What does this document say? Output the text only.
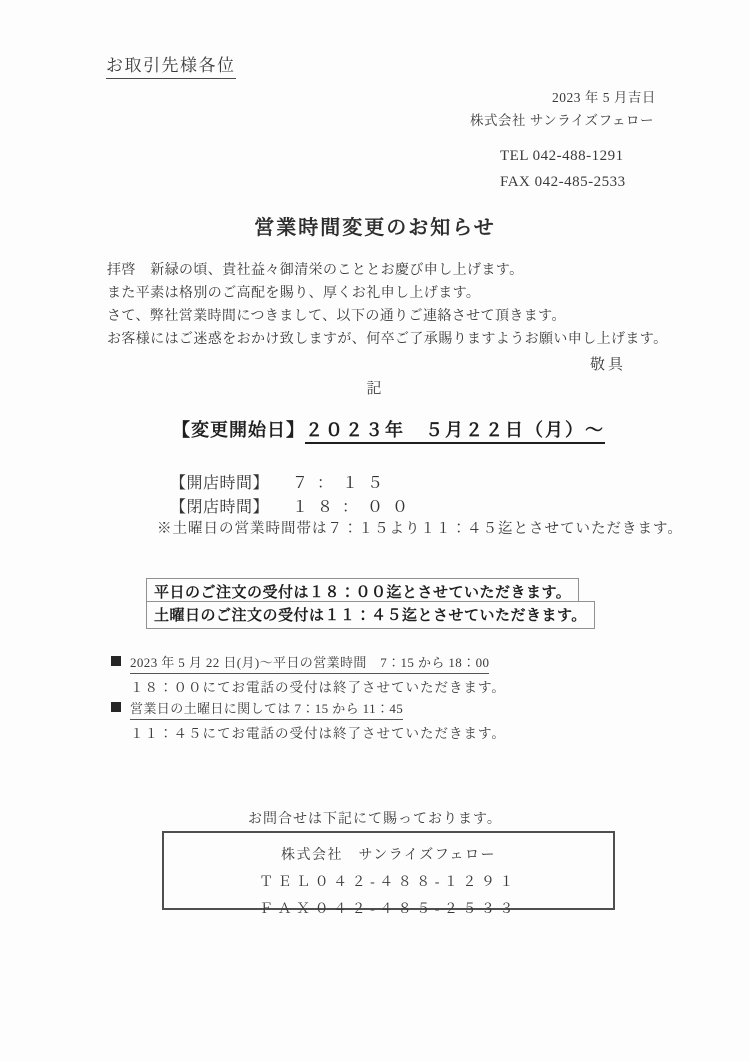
お取引先様各位
2023 年 5 月吉日
株式会社 サンライズフェロー
TEL 042-488-1291
FAX 042-485-2533
営業時間変更のお知らせ
拝啓　新緑の頃、貴社益々御清栄のこととお慶び申し上げます。
また平素は格別のご高配を賜り、厚くお礼申し上げます。
さて、弊社営業時間につきまして、以下の通りご連絡させて頂きます。
お客様にはご迷惑をおかけ致しますが、何卒ご了承賜りますようお願い申し上げます。
敬具
記
【変更開始日】２０２３年　５月２２日（月）～
【開店時間】 ７：１５
【閉店時間】 １８：００
※土曜日の営業時間帯は７：１５より１１：４５迄とさせていただきます。
平日のご注文の受付は１８：００迄とさせていただきます。
土曜日のご注文の受付は１１：４５迄とさせていただきます。
2023 年 5 月 22 日(月)～平日の営業時間　7：15 から 18：00
１８：００にてお電話の受付は終了させていただきます。
営業日の土曜日に関しては 7：15 から 11：45
１１：４５にてお電話の受付は終了させていただきます。
お問合せは下記にて賜っております。
株式会社　サンライズフェロー
ＴＥＬ０４２-４８８-１２９１
ＦＡＸ０４２-４８５-２５３３
